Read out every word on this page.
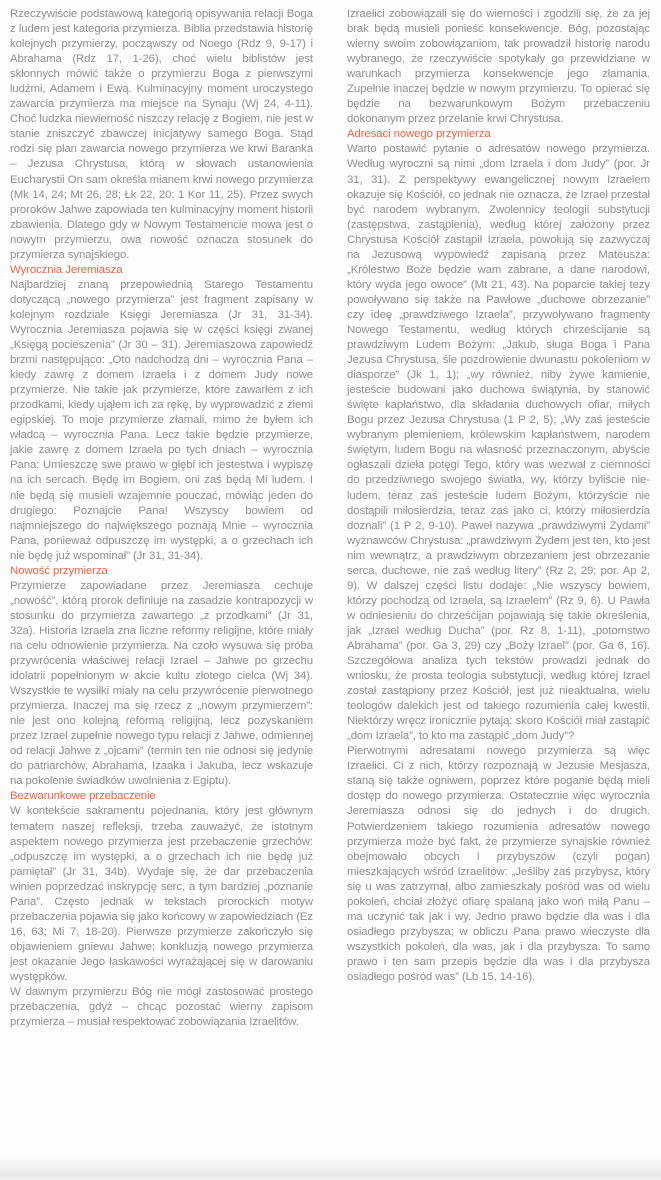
Rzeczywiście podstawową kategorią opisywania relacji Boga z ludem jest kategoria przymierza. Biblia przedstawia historię kolejnych przymierzy, począwszy od Noego (Rdz 9, 9-17) i Abrahama (Rdz 17, 1-26), choć wielu biblistów jest skłonnych mówić także o przymierzu Boga z pierwszymi ludźmi, Adamem i Ewą. Kulminacyjny moment uroczystego zawarcia przymierza ma miejsce na Synaju (Wj 24, 4-11). Choć ludzka niewierność niszczy relację z Bogiem, nie jest w stanie zniszczyć zbawczej inicjatywy samego Boga. Stąd rodzi się plan zawarcia nowego przymierza we krwi Baranka – Jezusa Chrystusa, którą w słowach ustanowienia Eucharystii On sam określa mianem krwi nowego przymierza (Mk 14, 24; Mt 26, 28; Łk 22, 20; 1 Kor 11, 25). Przez swych proroków Jahwe zapowiada ten kulminacyjny moment historii zbawienia. Dlatego gdy w Nowym Testamencie mowa jest o nowym przymierzu, owa nowość oznacza stosunek do przymierza synajskiego.

Wyrocznia Jeremiasza

Najbardziej znaną przepowiednią Starego Testamentu dotyczącą „nowego przymierza” jest fragment zapisany w kolejnym rozdziale Księgi Jeremiasza (Jr 31, 31-34). Wyrocznia Jeremiasza pojawia się w części księgi zwanej „Księgą pocieszenia” (Jr 30 – 31). Jeremiaszowa zapowiedź brzmi następująco: „Oto nadchodzą dni – wyrocznia Pana – kiedy zawrę z domem Izraela i z domem Judy nowe przymierze. Nie takie jak przymierze, które zawarłem z ich przodkami, kiedy ująłem ich za rękę, by wyprowadzić z ziemi egipskiej. To moje przymierze złamali, mimo że byłem ich władcą – wyrocznia Pana. Lecz takie będzie przymierze, jakie zawrę z domem Izraela po tych dniach – wyrocznia Pana: Umieszczę swe prawo w głębi ich jestestwa i wypiszę na ich sercach. Będę im Bogiem, oni zaś będą Mi ludem. I nie będą się musieli wzajemnie pouczać, mówiąc jeden do drugiego: Poznajcie Pana! Wszyscy bowiem od najmniejszego do największego poznają Mnie – wyrocznia Pana, ponieważ odpuszczę im występki, a o grzechach ich nie będę już wspominał” (Jr 31, 31-34).

Nowość przymierza

Przymierze zapowiadane przez Jeremiasza cechuje „nowość”, którą prorok definiuje na zasadzie kontrapozycji w stosunku do przymierza zawartego „z przodkami” (Jr 31, 32a). Historia Izraela zna liczne reformy religijne, które miały na celu odnowienie przymierza. Na czoło wysuwa się próba przywrócenia właściwej relacji Izrael – Jahwe po grzechu idolatrii popełnionym w akcie kultu złotego cielca (Wj 34). Wszystkie te wysiłki miały na celu przywrócenie pierwotnego przymierza. Inaczej ma się rzecz z „nowym przymierzem”: nie jest ono kolejną reformą religijną, lecz pozyskaniem przez Izrael zupełnie nowego typu relacji z Jahwe, odmiennej od relacji Jahwe z „ojcami” (termin ten nie odnosi się jedynie do patriarchów, Abrahama, Izaaka i Jakuba, lecz wskazuje na pokolenie świadków uwolnienia z Egiptu).

Bezwarunkowe przebaczenie

W kontekście sakramentu pojednania, który jest głównym tematem naszej refleksji, trzeba zauważyć, że istotnym aspektem nowego przymierza jest przebaczenie grzechów: „odpuszczę im występki, a o grzechach ich nie będę już pamiętał” (Jr 31, 34b). Wydaje się, że dar przebaczenia winien poprzedzać inskrypcję serc, a tym bardziej „poznanie Pana”. Często jednak w tekstach prorockich motyw przebaczenia pojawia się jako końcowy w zapowiedziach (Ez 16, 63; Mi 7, 18-20). Pierwsze przymierze zakończyło się objawieniem gniewu Jahwe; konkluzją nowego przymierza jest okazanie Jego łaskawości wyrażającej się w darowaniu występków.

W dawnym przymierzu Bóg nie mógł zastosować prostego przebaczenia, gdyż – chcąc pozostać wierny zapisom przymierza – musiał respektować zobowiązania Izraelitów.

Izraelici zobowiązali się do wierności i zgodzili się, że za jej brak będą musieli ponieść konsekwencje. Bóg, pozostając wierny swoim zobowiązaniom, tak prowadził historię narodu wybranego, że rzeczywiście spotykały go przewidziane w warunkach przymierza konsekwencje jego złamania. Zupełnie inaczej będzie w nowym przymierzu. To opierać się będzie na bezwarunkowym Bożym przebaczeniu dokonanym przez przelanie krwi Chrystusa.

Adresaci nowego przymierza

Warto postawić pytanie o adresatów nowego przymierza. Według wyroczni są nimi „dom Izraela i dom Judy” (por. Jr 31, 31). Z perspektywy ewangelicznej nowym Izraelem okazuje się Kościół, co jednak nie oznacza, że Izrael przestał być narodem wybranym. Zwolennicy teologii substytucji (zastępstwa, zastąpienia), według której założony przez Chrystusa Kościół zastąpił Izraela, powołują się zazwyczaj na Jezusową wypowiedź zapisaną przez Mateusza: „Królestwo Boże będzie wam zabrane, a dane narodowi, który wyda jego owoce” (Mt 21, 43). Na poparcie takiej tezy powoływano się także na Pawłowe „duchowe obrzezanie” czy ideę „prawdziwego Izraela”, przywoływano fragmenty Nowego Testamentu, według których chrześcijanie są prawdziwym Ludem Bożym: „Jakub, sługa Boga i Pana Jezusa Chrystusa, śle pozdrowienie dwunastu pokoleniom w diasporze” (Jk 1, 1); „wy również, niby żywe kamienie, jesteście budowani jako duchowa świątynia, by stanowić święte kapłaństwo, dla składania duchowych ofiar, miłych Bogu przez Jezusa Chrystusa (1 P 2, 5); „Wy zaś jesteście wybranym plemieniem, królewskim kapłaństwem, narodem świętym, ludem Bogu na własność przeznaczonym, abyście ogłaszali dzieła potęgi Tego, który was wezwał z ciemności do przedziwnego swojego światła, wy, którzy byliście nie-ludem, teraz zaś jesteście ludem Bożym, którzyście nie dostąpili miłosierdzia, teraz zaś jako ci, którzy miłosierdzia doznali” (1 P 2, 9-10). Paweł nazywa „prawdziwymi Żydami” wyznawców Chrystusa: „prawdziwym Żydem jest ten, kto jest nim wewnątrz, a prawdziwym obrzezaniem jest obrzezanie serca, duchowe, nie zaś według litery” (Rz 2, 29; por. Ap 2, 9). W dalszej części listu dodaje: „Nie wszyscy bowiem, którzy pochodzą od Izraela, są Izraelem” (Rz 9, 6). U Pawła w odniesieniu do chrześcijan pojawiają się takie określenia, jak „Izrael według Ducha” (por. Rz 8, 1-11), „potomstwo Abrahama” (por. Ga 3, 29) czy „Boży Izrael” (por. Ga 6, 16). Szczegółowa analiza tych tekstów prowadzi jednak do wniosku, że prosta teologia substytucji, według której Izrael został zastąpiony przez Kościół, jest już nieaktualna, wielu teologów dalekich jest od takiego rozumienia całej kwestii. Niektórzy wręcz ironicznie pytają: skoro Kościół miał zastąpić „dom Izraela”, to kto ma zastąpić „dom Judy”?

Pierwotnymi adresatami nowego przymierza są więc Izraelici. Ci z nich, którzy rozpoznają w Jezusie Mesjasza, staną się także ogniwem, poprzez które poganie będą mieli dostęp do nowego przymierza. Ostatecznie więc wyrocznia Jeremiasza odnosi się do jednych i do drugich. Potwierdzeniem takiego rozumienia adresatów nowego przymierza może być fakt, że przymierze synajskie również obejmowało obcych i przybyszów (czyli pogan) mieszkających wśród Izraelitów: „Jeśliby zaś przybysz, który się u was zatrzymał, albo zamieszkały pośród was od wielu pokoleń, chciał złożyć ofiarę spalaną jako woń miłą Panu – ma uczynić tak jak i wy. Jedno prawo będzie dla was i dla osiadłego przybysza; w obliczu Pana prawo wieczyste dla wszystkich pokoleń, dla was, jak i dla przybysza. To samo prawo i ten sam przepis będzie dla was i dla przybysza osiadłego pośród was” (Lb 15, 14-16).
